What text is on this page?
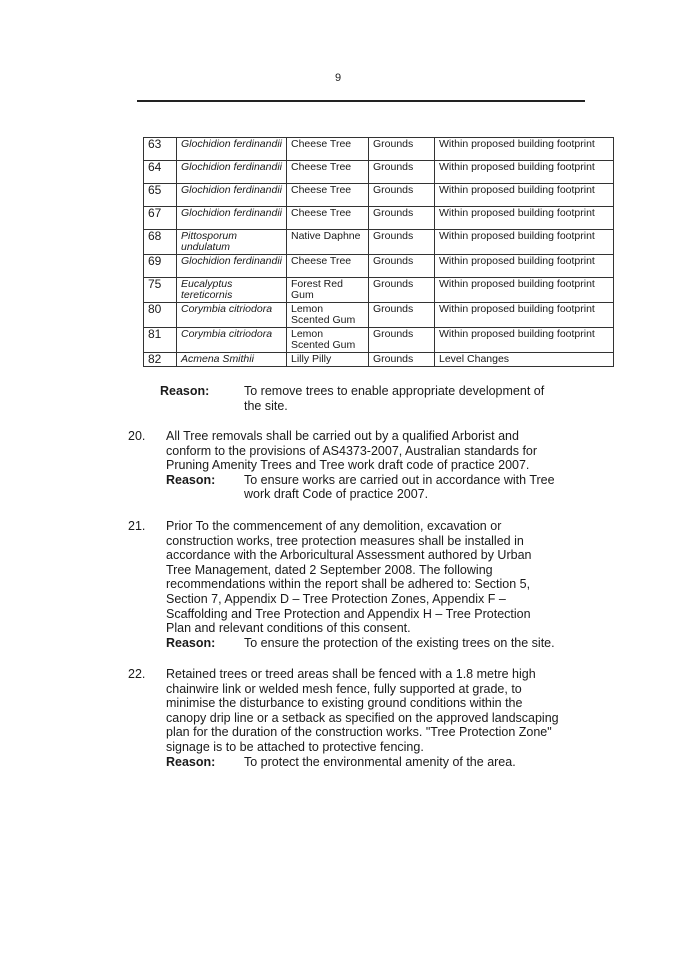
9
63	Glochidion ferdinandii	Cheese Tree	Grounds	Within proposed building footprint
64	Glochidion ferdinandii	Cheese Tree	Grounds	Within proposed building footprint
65	Glochidion ferdinandii	Cheese Tree	Grounds	Within proposed building footprint
67	Glochidion ferdinandii	Cheese Tree	Grounds	Within proposed building footprint
68	Pittosporum undulatum	Native Daphne	Grounds	Within proposed building footprint
69	Glochidion ferdinandii	Cheese Tree	Grounds	Within proposed building footprint
75	Eucalyptus tereticornis	Forest Red Gum	Grounds	Within proposed building footprint
80	Corymbia citriodora	Lemon Scented Gum	Grounds	Within proposed building footprint
81	Corymbia citriodora	Lemon Scented Gum	Grounds	Within proposed building footprint
82	Acmena Smithii	Lilly Pilly	Grounds	Level Changes
Reason:	To remove trees to enable appropriate development of
the site.
20. All Tree removals shall be carried out by a qualified Arborist and
conform to the provisions of AS4373-2007, Australian standards for
Pruning Amenity Trees and Tree work draft code of practice 2007.
Reason: To ensure works are carried out in accordance with Tree
work draft Code of practice 2007.
21. Prior To the commencement of any demolition, excavation or
construction works, tree protection measures shall be installed in
accordance with the Arboricultural Assessment authored by Urban
Tree Management, dated 2 September 2008. The following
recommendations within the report shall be adhered to: Section 5,
Section 7, Appendix D – Tree Protection Zones, Appendix F –
Scaffolding and Tree Protection and Appendix H – Tree Protection
Plan and relevant conditions of this consent.
Reason: To ensure the protection of the existing trees on the site.
22. Retained trees or treed areas shall be fenced with a 1.8 metre high
chainwire link or welded mesh fence, fully supported at grade, to
minimise the disturbance to existing ground conditions within the
canopy drip line or a setback as specified on the approved landscaping
plan for the duration of the construction works. "Tree Protection Zone"
signage is to be attached to protective fencing.
Reason: To protect the environmental amenity of the area.
